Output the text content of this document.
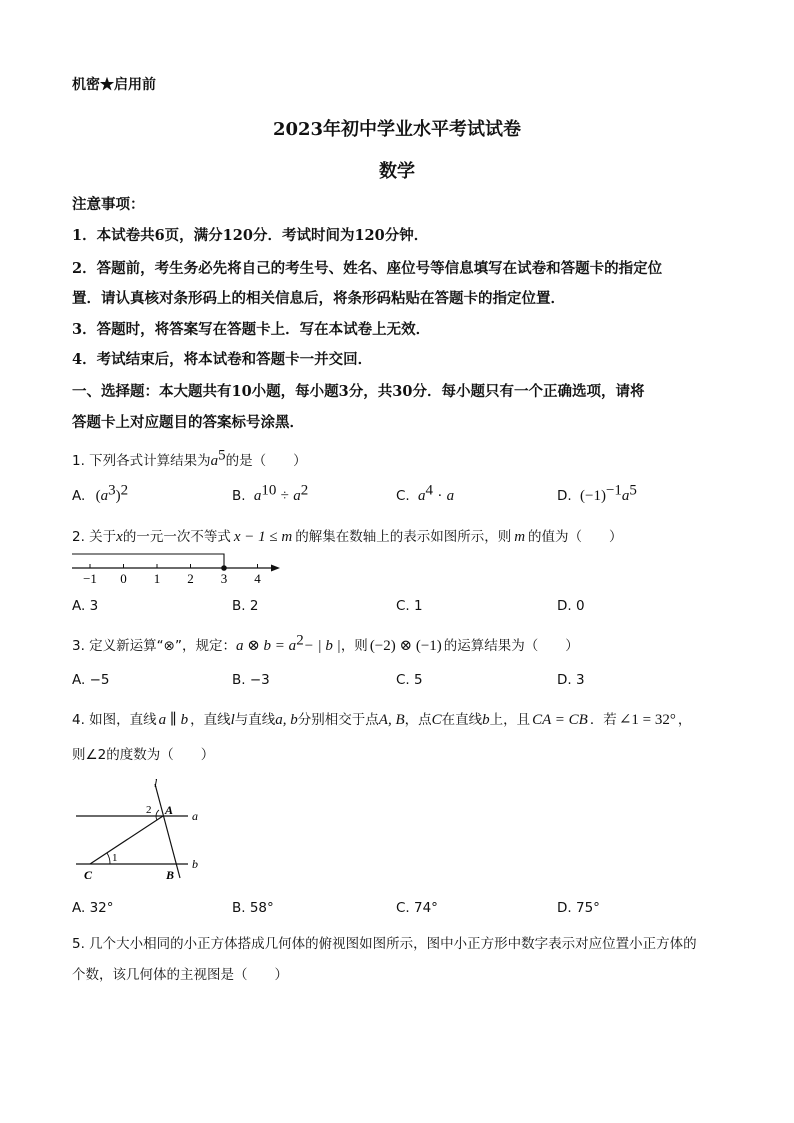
机密★启用前
2023年初中学业水平考试试卷
数学
注意事项：
1．本试卷共6页，满分120分．考试时间为120分钟．
2．答题前，考生务必先将自己的考生号、姓名、座位号等信息填写在试卷和答题卡的指定位
置．请认真核对条形码上的相关信息后，将条形码粘贴在答题卡的指定位置．
3．答题时，将答案写在答题卡上．写在本试卷上无效．
4．考试结束后，将本试卷和答题卡一并交回．
一、选择题：本大题共有10小题，每小题3分，共30分．每小题只有一个正确选项，请将
答题卡上对应题目的答案标号涂黑．
1. 下列各式计算结果为$a^5$的是（　　）
A. $(a^3)^2$	B. $a^{10} \div a^2$	C. $a^4 \cdot a$	D. $(-1)^{-1}a^5$
2. 关于x的一元一次不等式 x − 1 ≤ m 的解集在数轴上的表示如图所示，则 m 的值为（　　）
−1 0 1 2 3 4
A. 3	B. 2	C. 1	D. 0
3. 定义新运算“⊗”，规定：a ⊗ $b = a^2-$ | b |，则 (−2) ⊗ (−1) 的运算结果为（　　）
A. −5	B. −3	C. 5	D. 3
4. 如图，直线 a ∥ b ，直线l与直线a, b分别相交于点A, B，点C在直线b上，且 CA = CB ．若 ∠1 = 32° ，
则∠2的度数为（　　）
l
a
b
A
B
C
1
2
A. 32°	B. 58°	C. 74°	D. 75°
5. 几个大小相同的小正方体搭成几何体的俯视图如图所示，图中小正方形中数字表示对应位置小正方体的
个数，该几何体的主视图是（　　）
